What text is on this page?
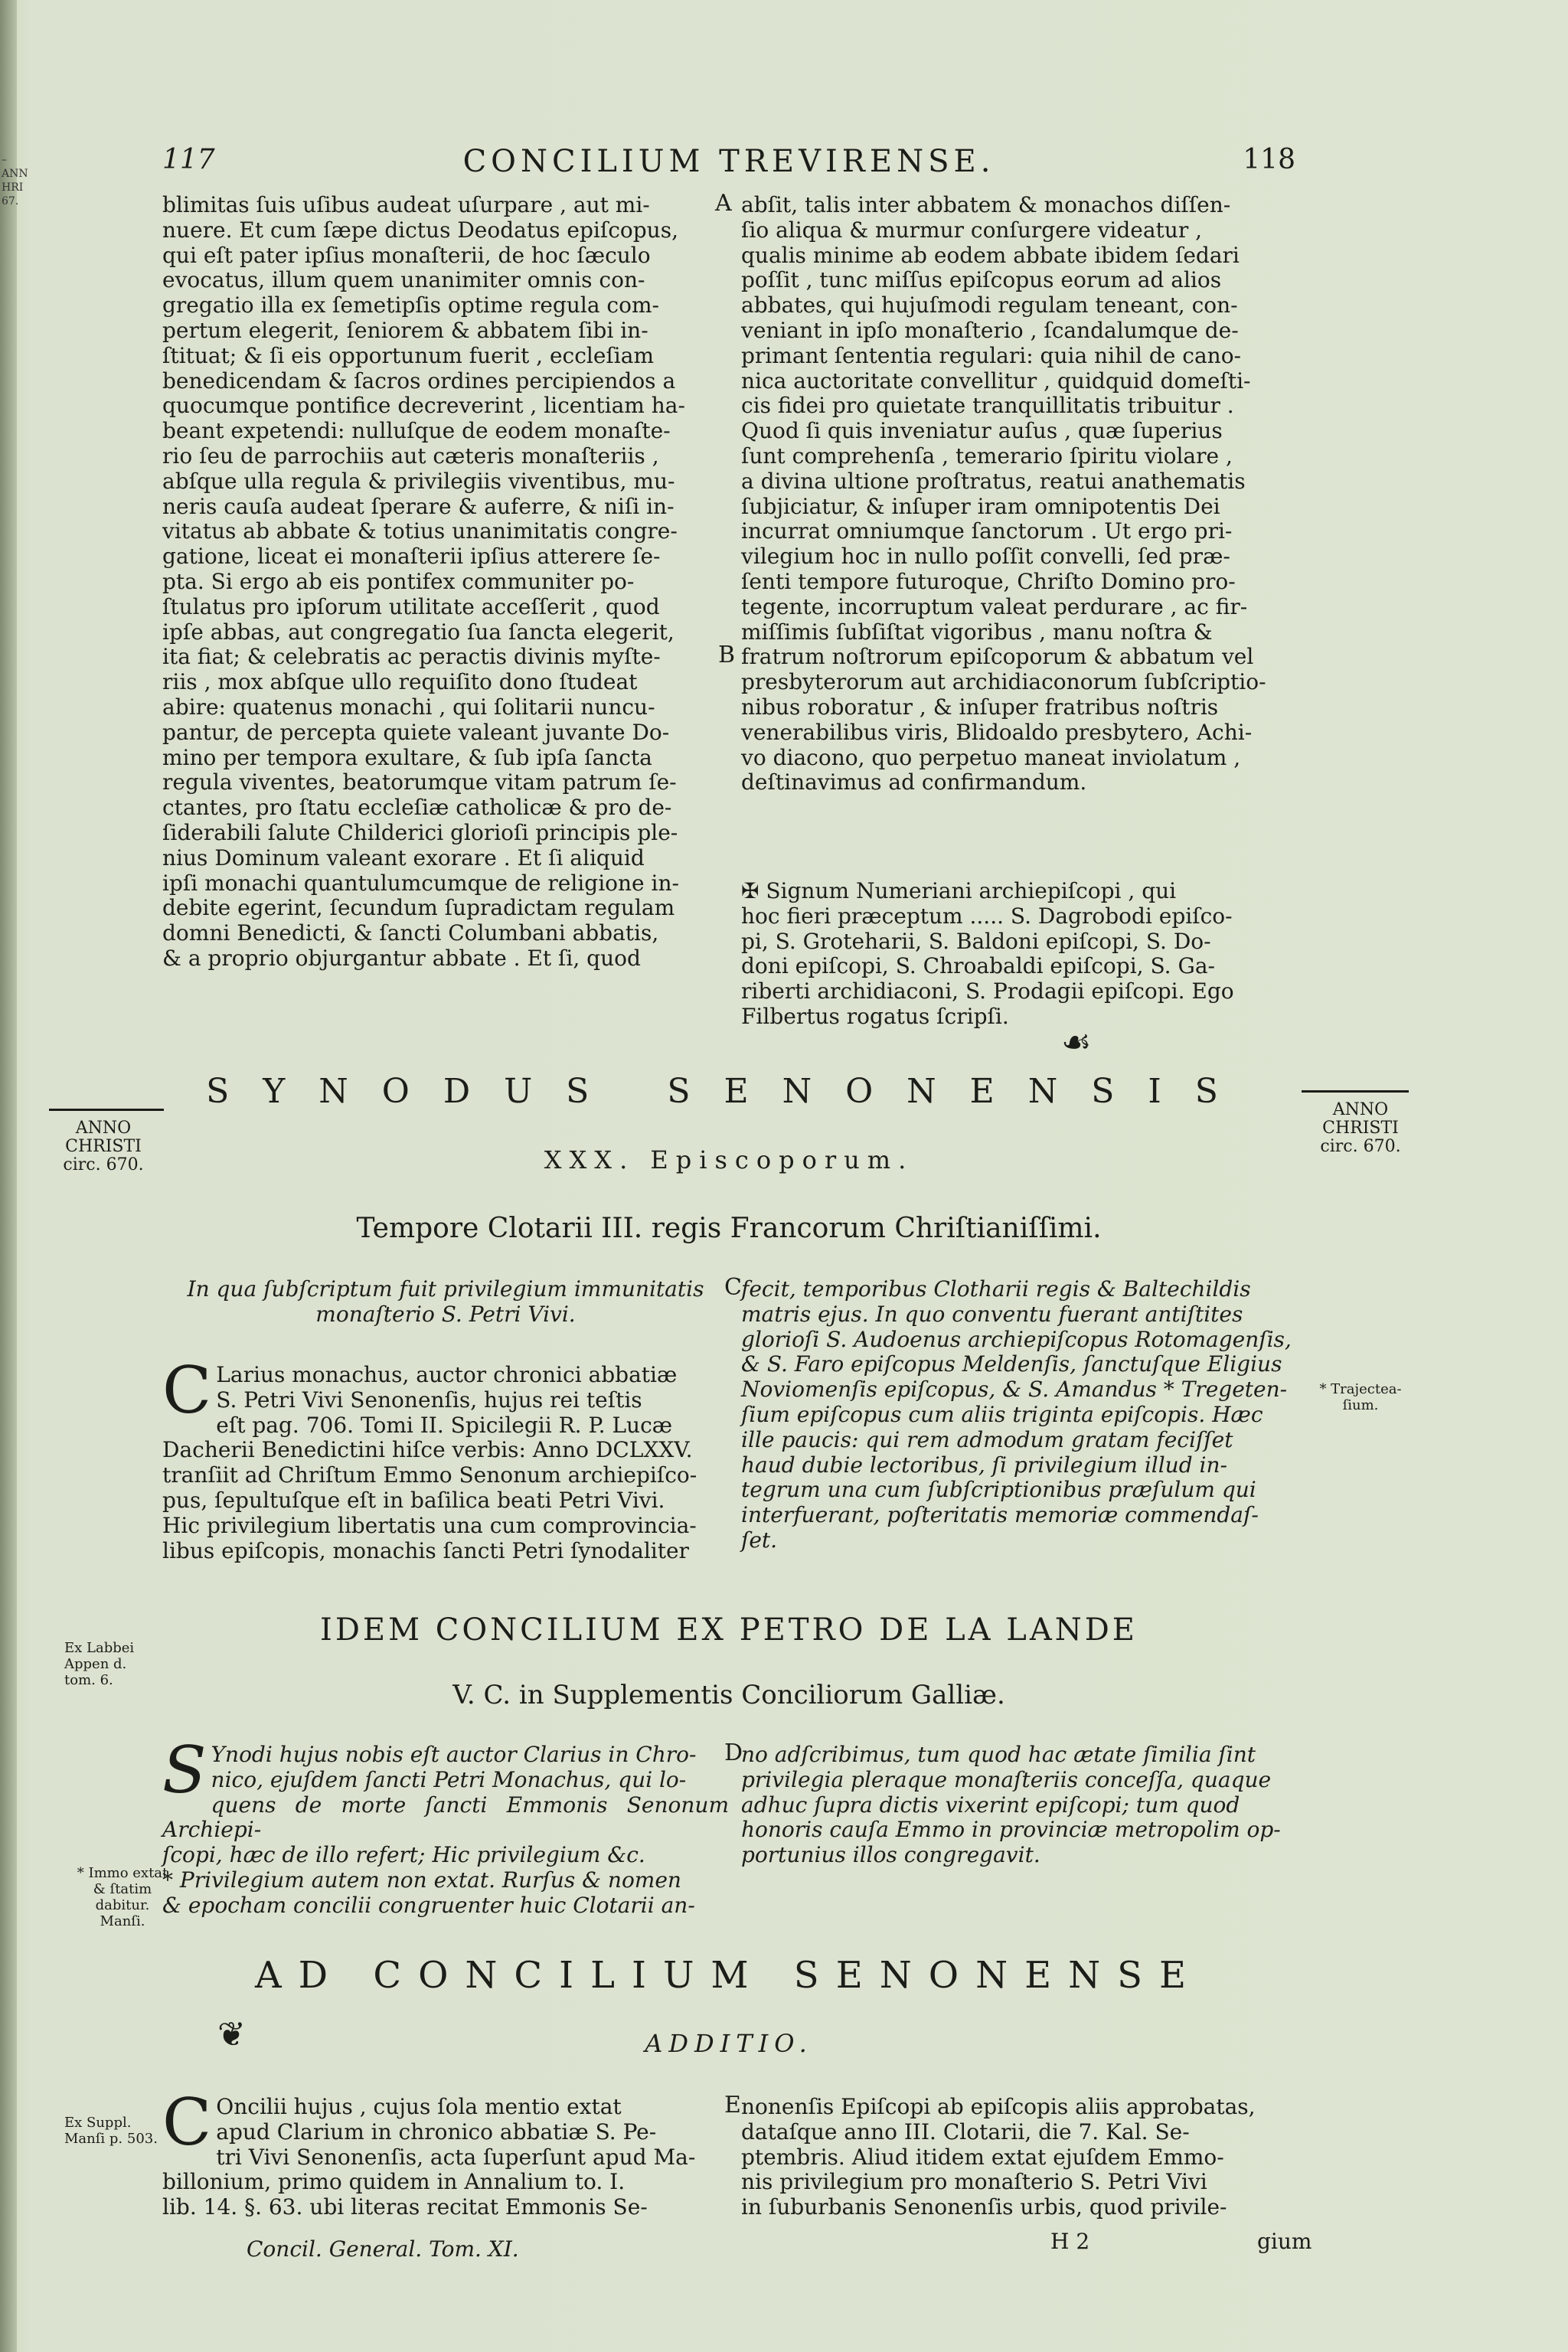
–
ANN
HRI
67.
117	CONCILIUM TREVIRENSE.	118
blimitas ſuis uſibus audeat uſurpare , aut mi-
nuere. Et cum ſæpe dictus Deodatus epiſcopus,
qui eſt pater ipſius monaſterii, de hoc ſæculo
evocatus, illum quem unanimiter omnis con-
gregatio illa ex ſemetipſis optime regula com-
pertum elegerit, ſeniorem & abbatem ſibi in-
ſtituat; & ſi eis opportunum fuerit , eccleſiam
benedicendam & ſacros ordines percipiendos a
quocumque pontifice decreverint , licentiam ha-
beant expetendi: nulluſque de eodem monaſte-
rio ſeu de parrochiis aut cæteris monaſteriis ,
abſque ulla regula & privilegiis viventibus, mu-
neris cauſa audeat ſperare & auferre, & niſi in-
vitatus ab abbate & totius unanimitatis congre-
gatione, liceat ei monaſterii ipſius atterere ſe-
pta. Si ergo ab eis pontifex communiter po-
ſtulatus pro ipſorum utilitate acceſſerit , quod
ipſe abbas, aut congregatio ſua ſancta elegerit,
ita fiat; & celebratis ac peractis divinis myſte-
riis , mox abſque ullo requiſito dono ſtudeat
abire: quatenus monachi , qui ſolitarii nuncu-
pantur, de percepta quiete valeant juvante Do-
mino per tempora exultare, & ſub ipſa ſancta
regula viventes, beatorumque vitam patrum ſe-
ctantes, pro ſtatu eccleſiæ catholicæ & pro de-
ſiderabili ſalute Childerici glorioſi principis ple-
nius Dominum valeant exorare . Et ſi aliquid
ipſi monachi quantulumcumque de religione in-
debite egerint, ſecundum ſupradictam regulam
domni Benedicti, & ſancti Columbani abbatis,
& a proprio objurgantur abbate . Et ſi, quod
abſit, talis inter abbatem & monachos diſſen-
ſio aliqua & murmur conſurgere videatur ,
qualis minime ab eodem abbate ibidem ſedari
poſſit , tunc miſſus epiſcopus eorum ad alios
abbates, qui hujuſmodi regulam teneant, con-
veniant in ipſo monaſterio , ſcandalumque de-
primant ſententia regulari: quia nihil de cano-
nica auctoritate convellitur , quidquid domeſti-
cis fidei pro quietate tranquillitatis tribuitur .
Quod ſi quis inveniatur auſus , quæ ſuperius
ſunt comprehenſa , temerario ſpiritu violare ,
a divina ultione proſtratus, reatui anathematis
ſubjiciatur, & inſuper iram omnipotentis Dei
incurrat omniumque ſanctorum . Ut ergo pri-
vilegium hoc in nullo poſſit convelli, ſed præ-
ſenti tempore futuroque, Chriſto Domino pro-
tegente, incorruptum valeat perdurare , ac fir-
miſſimis ſubſiſtat vigoribus , manu noſtra &
fratrum noſtrorum epiſcoporum & abbatum vel
presbyterorum aut archidiaconorum ſubſcriptio-
nibus roboratur , & inſuper fratribus noſtris
venerabilibus viris, Blidoaldo presbytero, Achi-
vo diacono, quo perpetuo maneat inviolatum ,
deſtinavimus ad confirmandum.
A
B
✠ Signum Numeriani archiepiſcopi , qui
hoc fieri præceptum ..... S. Dagrobodi epiſco-
pi, S. Groteharii, S. Baldoni epiſcopi, S. Do-
doni epiſcopi, S. Chroabaldi epiſcopi, S. Ga-
riberti archidiaconi, S. Prodagii epiſcopi. Ego
Filbertus rogatus ſcripſi.
☙
ANNO
CHRISTI
circ. 670.
ANNO
CHRISTI
circ. 670.
SYNODUS SENONENSIS
XXX. Episcoporum.
Tempore Clotarii III. regis Francorum Chriſtianiſſimi.
In qua ſubſcriptum fuit privilegium immunitatis
monaſterio S. Petri Vivi.
C fecit, temporibus Clotharii regis & Baltechildis
matris ejus. In quo conventu fuerant antiſtites
glorioſi S. Audoenus archiepiſcopus Rotomagenſis,
& S. Faro epiſcopus Meldenſis, ſanctuſque Eligius
Noviomenſis epiſcopus, & S. Amandus * Tregeten-
ſium epiſcopus cum aliis triginta epiſcopis. Hæc
ille paucis: qui rem admodum gratam feciſſet
haud dubie lectoribus, ſi privilegium illud in-
tegrum una cum ſubſcriptionibus præſulum qui
interfuerant, poſteritatis memoriæ commendaſ-
ſet.
* Trajectea-
ſium.
C Larius monachus, auctor chronici abbatiæ
S. Petri Vivi Senonenſis, hujus rei teſtis
eſt pag. 706. Tomi II. Spicilegii R. P. Lucæ
Dacherii Benedictini hiſce verbis: Anno DCLXXV.
tranſiit ad Chriſtum Emmo Senonum archiepiſco-
pus, ſepultuſque eſt in baſilica beati Petri Vivi.
Hic privilegium libertatis una cum comprovincia-
libus epiſcopis, monachis ſancti Petri ſynodaliter
Ex Labbei
Appen d.
tom. 6.
IDEM CONCILIUM EX PETRO DE LA LANDE
V. C. in Supplementis Conciliorum Galliæ.
S Ynodi hujus nobis eſt auctor Clarius in Chro-
nico, ejuſdem ſancti Petri Monachus, qui lo-
quens de morte ſancti Emmonis Senonum Archiepi-
ſcopi, hæc de illo refert; Hic privilegium &c.
* Privilegium autem non extat. Rurſus & nomen
& epocham concilii congruenter huic Clotarii an-
D
no adſcribimus, tum quod hac ætate ſimilia ſint
privilegia pleraque monaſteriis conceſſa, quaque
adhuc ſupra dictis vixerint epiſcopi; tum quod
honoris cauſa Emmo in provinciæ metropolim op-
portunius illos congregavit.
* Immo extat
& ſtatim
dabitur.
Manſi.
AD CONCILIUM SENONENSE
❦	ADDITIO.
Ex Suppl.
Manſi p. 503. C Oncilii hujus , cujus ſola mentio extat
apud Clarium in chronico abbatiæ S. Pe-
tri Vivi Senonenſis, acta ſuperſunt apud Ma-
billonium, primo quidem in Annalium to. I.
lib. 14. §. 63. ubi literas recitat Emmonis Se-
E nonenſis Epiſcopi ab epiſcopis aliis approbatas,
dataſque anno III. Clotarii, die 7. Kal. Se-
ptembris. Aliud itidem extat ejuſdem Emmo-
nis privilegium pro monaſterio S. Petri Vivi
in ſuburbanis Senonenſis urbis, quod privile-
Concil. General. Tom. XI.	H 2	gium
